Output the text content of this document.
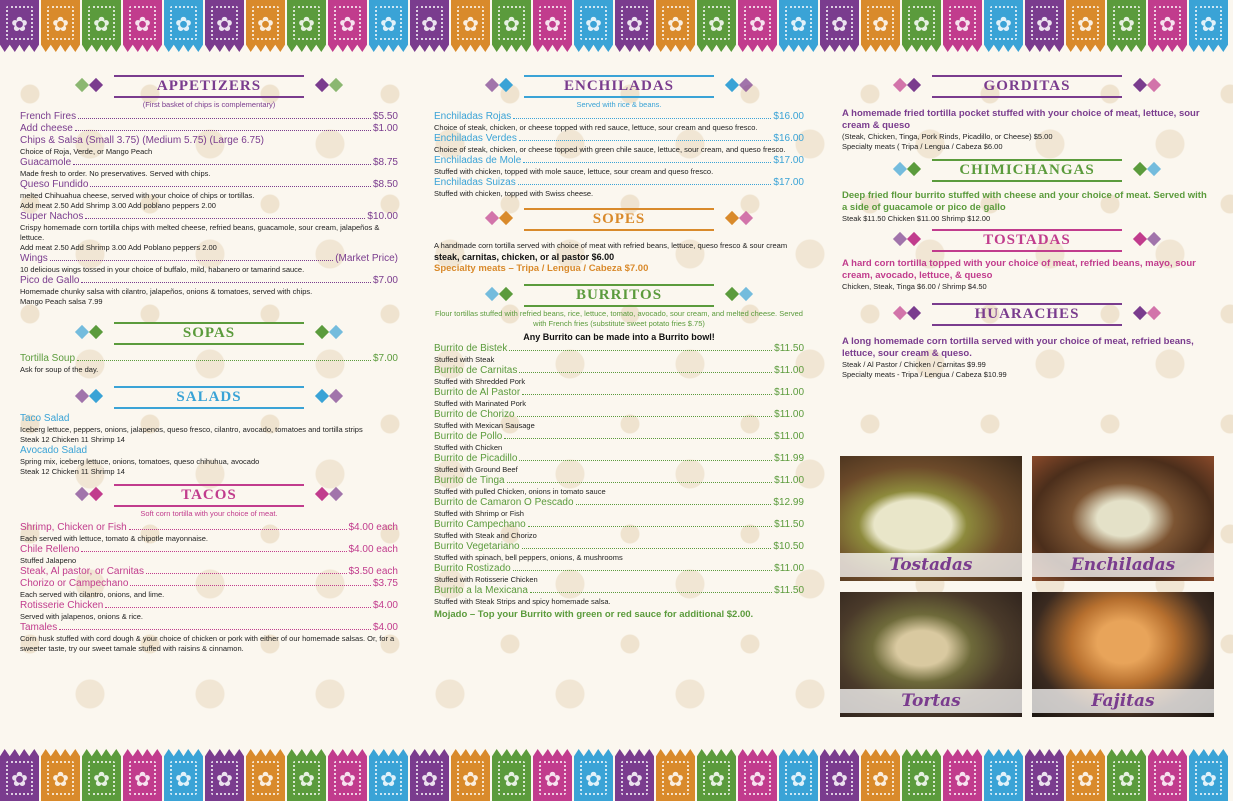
✿
✿
✿
✿
✿
✿
✿
✿
✿
✿
✿
✿
✿
✿
✿
✿
✿
✿
✿
✿
✿
✿
✿
✿
✿
✿
✿
✿
✿
✿
✿
✿
✿
✿
✿
✿
✿
✿
✿
✿
✿
✿
✿
✿
✿
✿
✿
✿
✿
✿
✿
✿
✿
✿
✿
✿
✿
✿
✿
✿
APPETIZERS
(First basket of chips is complementary)
French Fires	$5.50
Add cheese	$1.00
Chips & Salsa (Small 3.75) (Medium 5.75) (Large 6.75)
Choice of Roja, Verde, or Mango Peach
Guacamole	$8.75
Made fresh to order. No preservatives. Served with chips.
Queso Fundido	$8.50
melted Chihuahua cheese, served with your choice of chips or tortillas.
Add meat 2.50 Add Shrimp 3.00 Add poblano peppers 2.00
Super Nachos	$10.00
Crispy homemade corn tortilla chips with melted cheese, refried beans, guacamole, sour cream, jalapeños & lettuce.
Add meat 2.50 Add Shrimp 3.00 Add Poblano peppers 2.00
Wings	(Market Price)
10 delicious wings tossed in your choice of buffalo, mild, habanero or tamarind sauce.
Pico de Gallo	$7.00
Homemade chunky salsa with cilantro, jalapeños, onions & tomatoes, served with chips.
Mango Peach salsa 7.99
SOPAS
Tortilla Soup	$7.00
Ask for soup of the day.
SALADS
Taco Salad
Iceberg lettuce, peppers, onions, jalapenos, queso fresco, cilantro, avocado, tomatoes and tortilla strips
Steak 12 Chicken 11 Shrimp 14
Avocado Salad
Spring mix, iceberg lettuce, onions, tomatoes, queso chihuhua, avocado
Steak 12 Chicken 11 Shrimp 14
TACOS
Soft corn tortilla with your choice of meat.
Shrimp, Chicken or Fish	$4.00 each
Each served with lettuce, tomato & chipotle mayonnaise.
Chile Relleno	$4.00 each
Stuffed Jalapeno
Steak, Al pastor, or Carnitas	$3.50 each
Chorizo or Campechano	$3.75
Each served with cilantro, onions, and lime.
Rotisserie Chicken	$4.00
Served with jalapenos, onions & rice.
Tamales	$4.00
Corn husk stuffed with cord dough & your choice of chicken or pork with either of our homemade salsas. Or, for a sweeter taste, try our sweet tamale stuffed with raisins & cinnamon.
ENCHILADAS
Served with rice & beans.
Enchiladas Rojas	$16.00
Choice of steak, chicken, or cheese topped with red sauce, lettuce, sour cream and queso fresco.
Enchiladas Verdes	$16.00
Choice of steak, chicken, or cheese topped with green chile sauce, lettuce, sour cream, and queso fresco.
Enchiladas de Mole	$17.00
Stuffed with chicken, topped with mole sauce, lettuce, sour cream and queso fresco.
Enchiladas Suizas	$17.00
Stuffed with chicken, topped with Swiss cheese.
SOPES
A handmade corn tortilla served with choice of meat with refried beans, lettuce, queso fresco & sour cream
steak, carnitas, chicken, or al pastor $6.00
Specialty meats – Tripa / Lengua / Cabeza $7.00
BURRITOS
Flour tortillas stuffed with refried beans, rice, lettuce, tomato, avocado, sour cream, and melted cheese. Served with French fries (substitute sweet potato fries $.75)
Any Burrito can be made into a Burrito bowl!
Burrito de Bistek	$11.50
Stuffed with Steak
Burrito de Carnitas	$11.00
Stuffed with Shredded Pork
Burrito de Al Pastor	$11.00
Stuffed with Marinated Pork
Burrito de Chorizo	$11.00
Stuffed with Mexican Sausage
Burrito de Pollo	$11.00
Stuffed with Chicken
Burrito de Picadillo	$11.99
Stuffed with Ground Beef
Burrito de Tinga	$11.00
Stuffed with pulled Chicken, onions in tomato sauce
Burrito de Camaron O Pescado	$12.99
Stuffed with Shrimp or Fish
Burrito Campechano	$11.50
Stuffed with Steak and Chorizo
Burrito Vegetariano	$10.50
Stuffed with spinach, bell peppers, onions, & mushrooms
Burrito Rostizado	$11.00
Stuffed with Rotisserie Chicken
Burrito a la Mexicana	$11.50
Stuffed with Steak Strips and spicy homemade salsa.
Mojado – Top your Burrito with green or red sauce for additional $2.00.
GORDITAS
A homemade fried tortilla pocket stuffed with your choice of meat, lettuce, sour cream & queso
(Steak, Chicken, Tinga, Pork Rinds, Picadillo, or Cheese) $5.00
Specialty meats ( Tripa / Lengua / Cabeza $6.00
CHIMICHANGAS
Deep fried flour burrito stuffed with cheese and your choice of meat. Served with a side of guacamole or pico de gallo
Steak $11.50 Chicken $11.00 Shrimp $12.00
TOSTADAS
A hard corn tortilla topped with your choice of meat, refried beans, mayo, sour cream, avocado, lettuce, & queso
Chicken, Steak, Tinga $6.00 / Shrimp $4.50
HUARACHES
A long homemade corn tortilla served with your choice of meat, refried beans, lettuce, sour cream & queso.
Steak / Al Pastor / Chicken / Carnitas $9.99
Specialty meats - Tripa / Lengua / Cabeza $10.99
Tostadas	Enchiladas
Tortas	Fajitas
